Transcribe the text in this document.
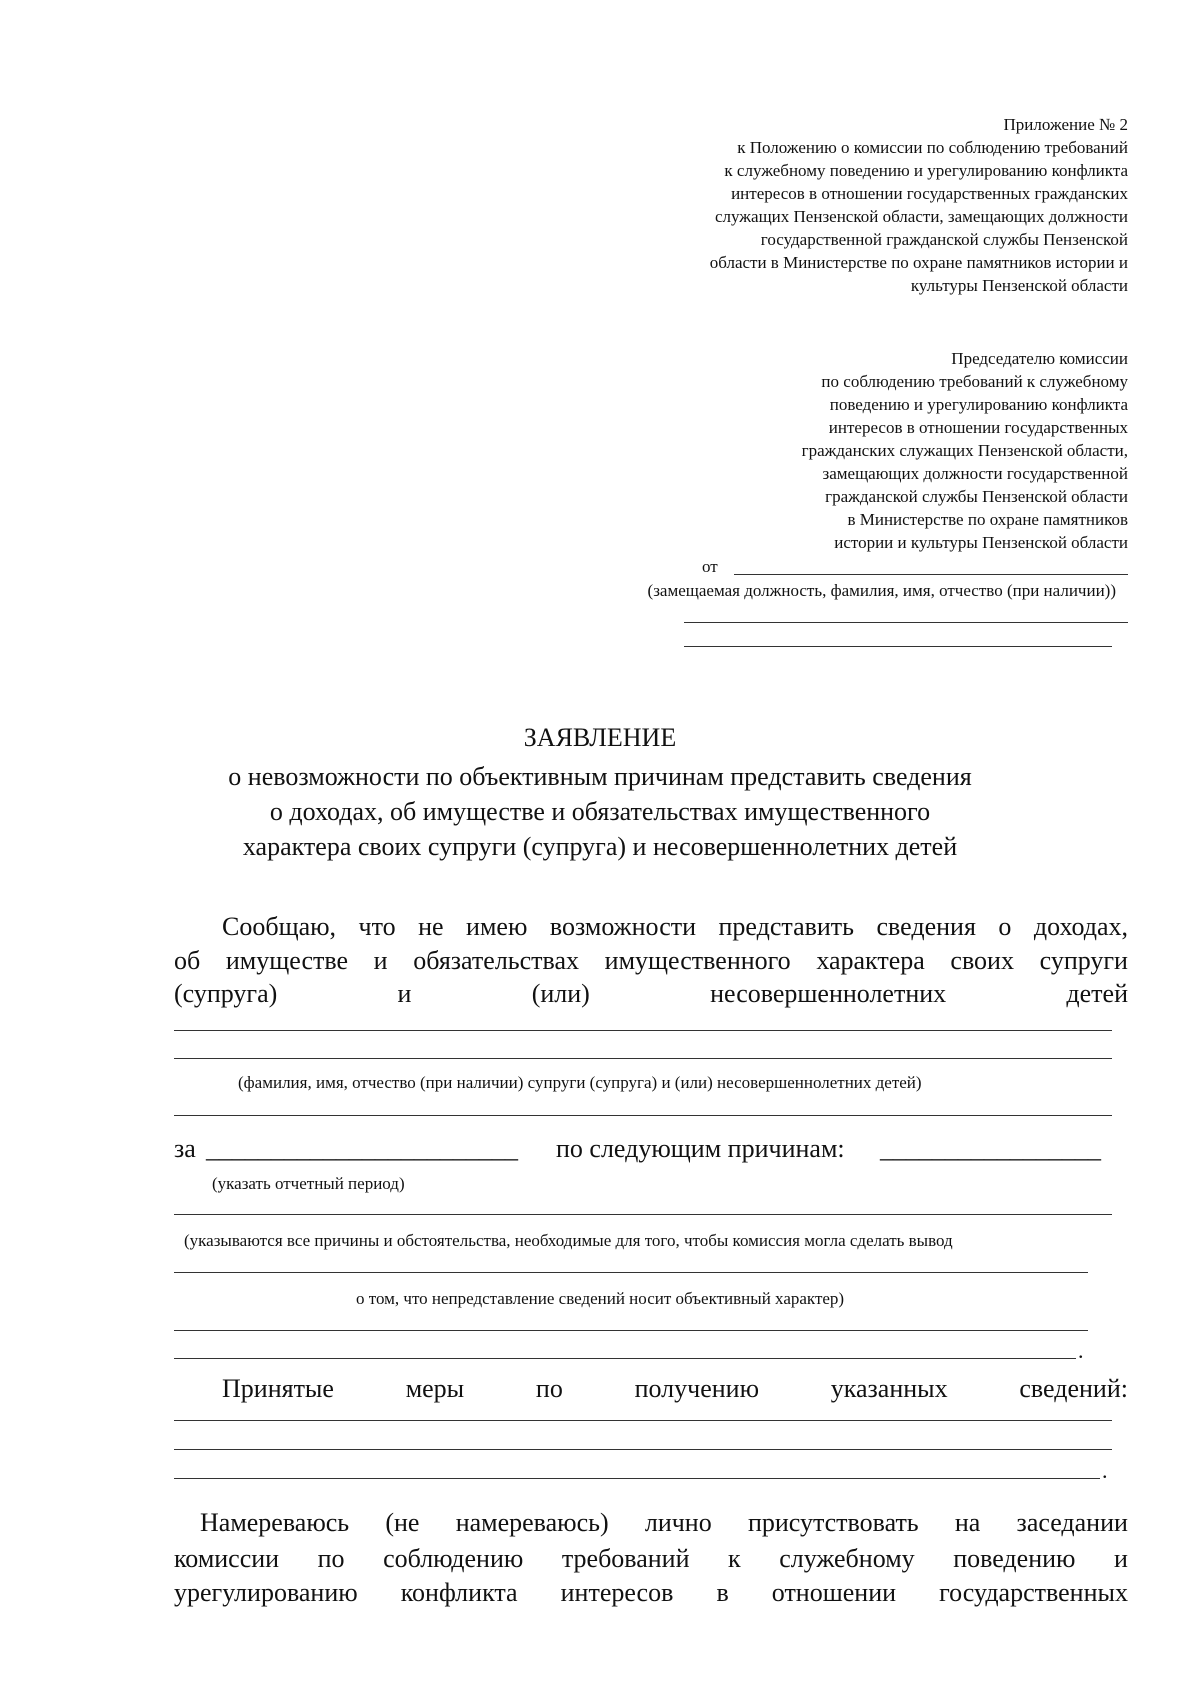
Приложение № 2
к Положению о комиссии по соблюдению требований
к служебному поведению и урегулированию конфликта
интересов в отношении государственных гражданских
служащих Пензенской области, замещающих должности
государственной гражданской службы Пензенской
области в Министерстве по охране памятников истории и
культуры Пензенской области
Председателю комиссии
по соблюдению требований к служебному
поведению и урегулированию конфликта
интересов в отношении государственных
гражданских служащих Пензенской области,
замещающих должности государственной
гражданской службы Пензенской области
в Министерстве по охране памятников
истории и культуры Пензенской области
от
(замещаемая должность, фамилия, имя, отчество (при наличии))
ЗАЯВЛЕНИЕ
о невозможности по объективным причинам представить сведения
о доходах, об имуществе и обязательствах имущественного
характера своих супруги (супруга) и несовершеннолетних детей
Сообщаю, что не имею возможности представить сведения о доходах,
об имуществе и обязательствах имущественного характера своих супруги
(супруга)	и	(или)	несовершеннолетних	детей
(фамилия, имя, отчество (при наличии) супруги (супруга) и (или) несовершеннолетних детей)
за ________________________ по следующим причинам: _________________
(указать отчетный период)
(указываются все причины и обстоятельства, необходимые для того, чтобы комиссия могла сделать вывод
о том, что непредставление сведений носит объективный характер)
.
Принятые	меры	по	получению	указанных	сведений:
.
Намереваюсь (не намереваюсь) лично присутствовать на заседании
комиссии по соблюдению требований к служебному поведению и
урегулированию конфликта интересов в отношении государственных
